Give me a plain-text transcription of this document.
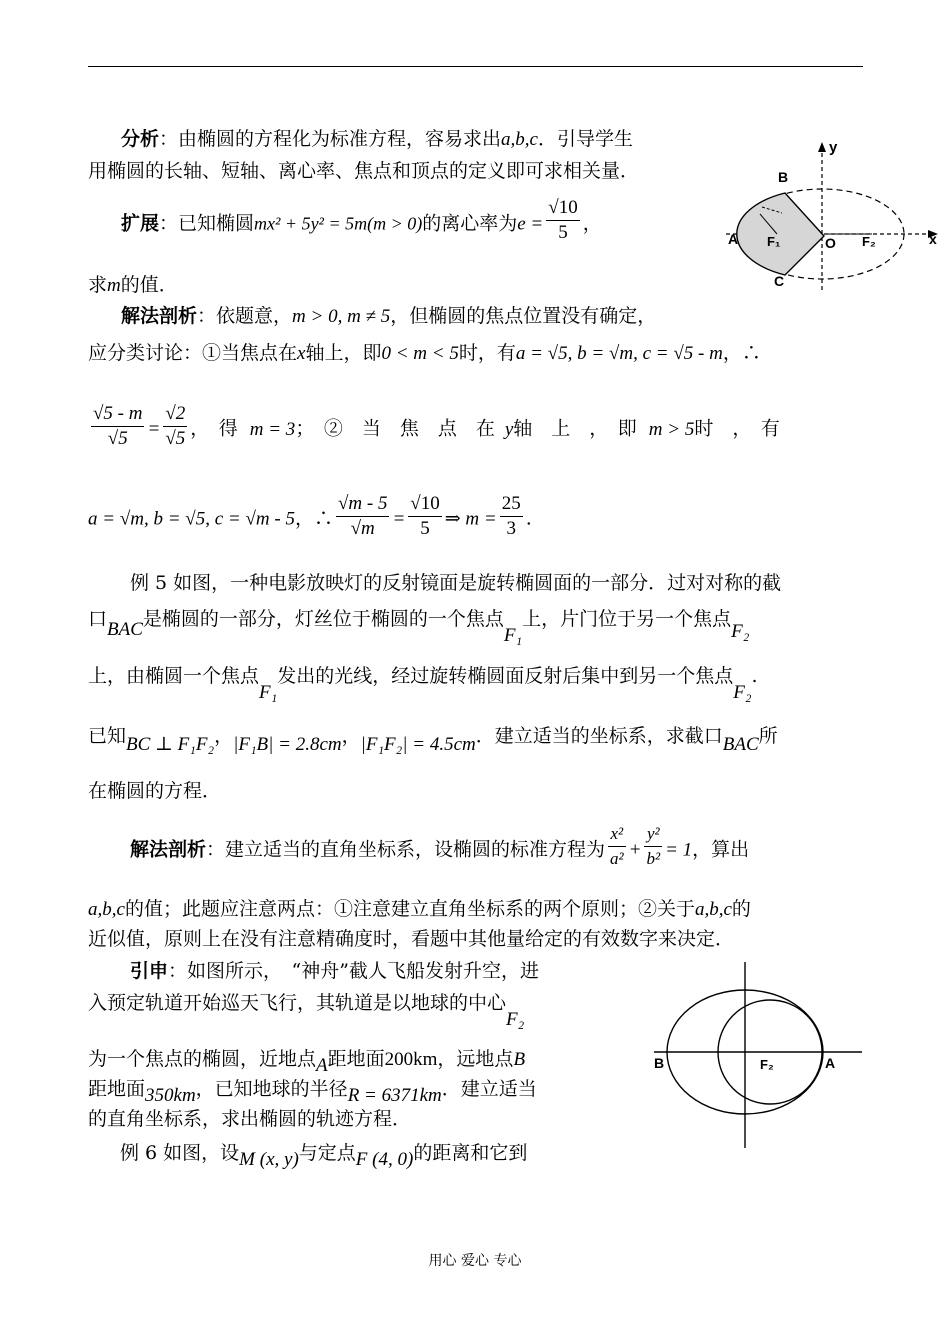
分析：由椭圆的方程化为标准方程，容易求出a,b,c．引导学生
用椭圆的长轴、短轴、离心率、焦点和顶点的定义即可求相关量．
扩展：已知椭圆mx² + 5y² = 5m(m > 0)的离心率为$e = \frac{√10}{5}$ ，
求m的值．
解法剖析：依题意，m > 0, m ≠ 5，但椭圆的焦点位置没有确定，
应分类讨论：①当焦点在x轴上，即0 < m < 5时，有a = √5, b = √m, c = √5 - m，∴
$\frac{√5 - m}{√5} = \frac{√2}{√5}$ ，　得 m = 3；　②　当　焦　点　在 y轴　上　，　即 m > 5时　，　有
a = √m, b = √5, c = √m - 5，∴ $\frac{√m - 5}{√m} = \frac{√10}{5}$ ⇒ $m = \frac{25}{3}$ .
例 5 如图，一种电影放映灯的反射镜面是旋转椭圆面的一部分．过对对称的截
口BAC是椭圆的一部分，灯丝位于椭圆的一个焦点F₁上，片门位于另一个焦点F₂
上，由椭圆一个焦点F₁发出的光线，经过旋转椭圆面反射后集中到另一个焦点F₂.
已知BC ⊥ F₁F₂，|F₁B| = 2.8cm，|F₁F₂| = 4.5cm．建立适当的坐标系，求截口BAC所
在椭圆的方程．
解法剖析：建立适当的直角坐标系，设椭圆的标准方程为 $\frac{\text{x²}}{\text{a²}} + \frac{\text{y²}}{\text{b²}} = 1$，算出
a,b,c的值；此题应注意两点：①注意建立直角坐标系的两个原则；②关于a,b,c的
近似值，原则上在没有注意精确度时，看题中其他量给定的有效数字来决定．
引申：如图所示，　“神舟”截人飞船发射升空，进
入预定轨道开始巡天飞行，其轨道是以地球的中心F₂
为一个焦点的椭圆，近地点A距地面200km，远地点B
距地面350km，已知地球的半径R = 6371km．建立适当
的直角坐标系，求出椭圆的轨迹方程．
例 6 如图，设M (x, y)与定点F (4, 0)的距离和它到
y
B
A F₁	O F₂	x
C
B	F₂	A
用心 爱心 专心
